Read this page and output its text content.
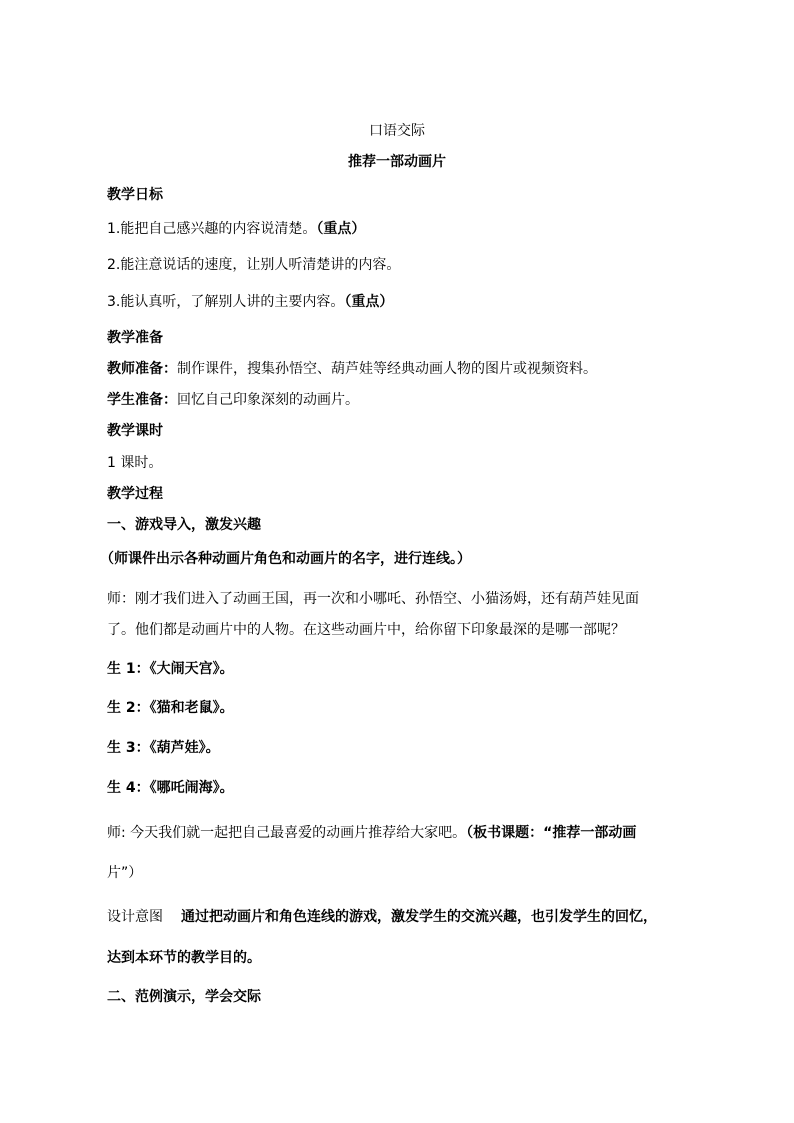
口语交际
推荐一部动画片
教学日标
1.能把自己感兴趣的内容说清楚。（重点）
2.能注意说话的速度，让别人听清楚讲的内容。
3.能认真听，了解别人讲的主要内容。（重点）
教学准备
教师准备：制作课件，搜集孙悟空、葫芦娃等经典动画人物的图片或视频资料。
学生准备：回忆自己印象深刻的动画片。
教学课时
1 课时。
教学过程
一、游戏导入，激发兴趣
（师课件出示各种动画片角色和动画片的名字，进行连线。）
师：刚才我们进入了动画王国，再一次和小哪吒、孙悟空、小猫汤姆，还有葫芦娃见面
了。他们都是动画片中的人物。在这些动画片中，给你留下印象最深的是哪一部呢？
生 1：《大闹天宫》。
生 2：《猫和老鼠》。
生 3：《葫芦娃》。
生 4：《哪吒闹海》。
师: 今天我们就一起把自己最喜爱的动画片推荐给大家吧。（板书课题：“推荐一部动画
片”）
设计意图 通过把动画片和角色连线的游戏，激发学生的交流兴趣，也引发学生的回忆，
达到本环节的教学目的。
二、范例演示，学会交际
